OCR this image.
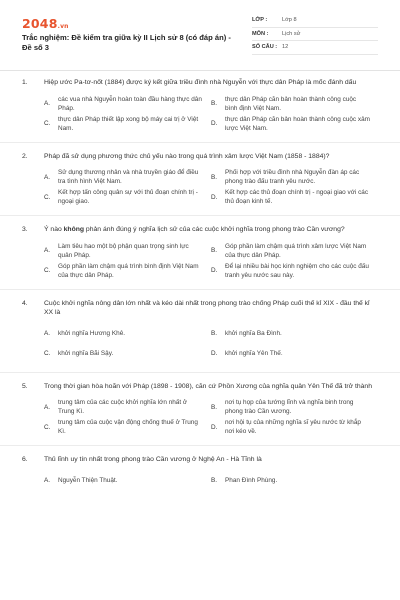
2048.vn
Trắc nghiệm: Đề kiểm tra giữa kỳ II Lịch sử 8 (có đáp án) - Đề số 3
LỚP :	Lớp 8
MÔN : Lịch sử
SỐ CÂU : 12
1. Hiệp ước Pa-tơ-nốt (1884) được ký kết giữa triều đình nhà Nguyễn với thực dân Pháp là mốc đánh dấu
A.
các vua nhà Nguyễn hoàn toàn đầu hàng thực dân Pháp.
B.
thực dân Pháp căn bản hoàn thành công cuộc bình định Việt Nam.
C.
thực dân Pháp thiết lập xong bộ máy cai trị ở Việt Nam.
D.
thực dân Pháp căn bản hoàn thành công cuộc xâm lược Việt Nam.
2. Pháp đã sử dụng phương thức chủ yếu nào trong quá trình xâm lược Việt Nam (1858 - 1884)?
A.
Sử dụng thương nhân và nhà truyền giáo để điều tra tình hình Việt Nam.
B.
Phối hợp với triều đình nhà Nguyễn đàn áp các phong trào đấu tranh yêu nước.
C.
Kết hợp tấn công quân sự với thủ đoạn chính trị - ngoại giao.
D.
Kết hợp các thủ đoạn chính trị - ngoại giao với các thủ đoạn kinh tế.
3. Ý nào không phản ánh đúng ý nghĩa lịch sử của các cuộc khởi nghĩa trong phong trào Cần vương?
A.
Làm tiêu hao một bộ phận quan trọng sinh lực quân Pháp.
B.
Góp phần làm chậm quá trình xâm lược Việt Nam của thực dân Pháp.
C.
Góp phần làm chậm quá trình bình định Việt Nam của thực dân Pháp.
D.
Để lại nhiều bài học kinh nghiệm cho các cuộc đấu tranh yêu nước sau này.
4. Cuộc khởi nghĩa nông dân lớn nhất và kéo dài nhất trong phong trào chống Pháp cuối thế kỉ XIX - đầu thế kỉ XX là
A. khởi nghĩa Hương Khê.	B. khởi nghĩa Ba Đình.
C. khởi nghĩa Bãi Sậy.	D. khởi nghĩa Yên Thế.
5. Trong thời gian hòa hoãn với Pháp (1898 - 1908), căn cứ Phồn Xương của nghĩa quân Yên Thế đã trở thành
A.
trung tâm của các cuộc khởi nghĩa lớn nhất ở Trung Kì.
B.
nơi tụ họp của tướng lĩnh và nghĩa binh trong phong trào Cần vương.
C.
trung tâm của cuộc vận động chống thuế ở Trung Kì.
D.
nơi hội tụ của những nghĩa sĩ yêu nước từ khắp nơi kéo về.
6. Thủ lĩnh uy tín nhất trong phong trào Cần vương ở Nghệ An - Hà Tĩnh là
A. Nguyễn Thiện Thuật.	B. Phan Đình Phùng.
